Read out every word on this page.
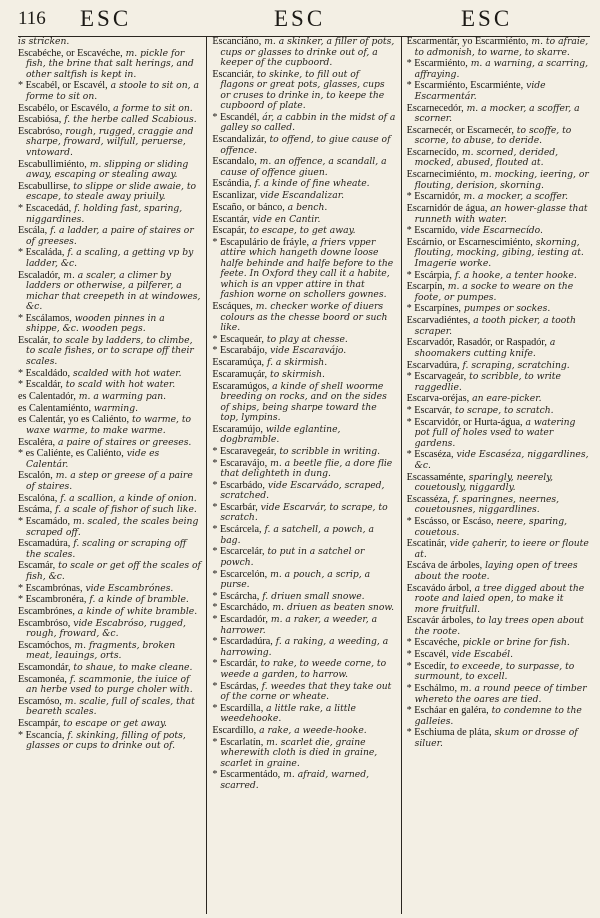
116 ESC	ESC	ESC

is stricken.

Escabéche, or Escavéche, m. pickle for fish, the brine that salt herings, and other saltfish is kept in.

* Escabél, or Escavél, a stoole to sit on, a forme to sit on.

Escabélo, or Escavélo, a forme to sit on.

Escabiósa, f. the herbe called Scabious.

Escabróso, rough, rugged, craggie and sharpe, froward, wilfull, peruerse, vntoward.

Escabullimiénto, m. slipping or sliding away, escaping or stealing away.

Escabullirse, to slippe or slide awaie, to escape, to steale away priuily.

* Escacedád, f. holding fast, sparing, niggardines.

Escála, f. a ladder, a paire of staires or of greeses.

* Escaláda, f. a scaling, a getting vp by ladder, &c.

Escaladór, m. a scaler, a climer by ladders or otherwise, a pilferer, a michar that creepeth in at windowes, &c.

* Escálamos, wooden pinnes in a shippe, &c. wooden pegs.

Escalár, to scale by ladders, to climbe, to scale fishes, or to scrape off their scales.

* Escaldádo, scalded with hot water.

* Escaldár, to scald with hot water.

es Calentadór, m. a warming pan.

es Calentamiénto, warming.

es Calentár, yo es Caliénto, to warme, to waxe warme, to make warme.

Escaléra, a paire of staires or greeses.

* es Caliénte, es Caliénto, vide es Calentár.

Escalón, m. a step or greese of a paire of staires.

Escalóna, f. a scallion, a kinde of onion.

Escáma, f. a scale of fishor of such like.

* Escamádo, m. scaled, the scales being scraped off.

Escamadúra, f. scaling or scraping off the scales.

Escamár, to scale or get off the scales of fish, &c.

* Escambrónas, vide Escambrónes.

* Escambronéra, f. a kinde of bramble.

Escambrónes, a kinde of white bramble.

Escambróso, vide Escabróso, rugged, rough, froward, &c.

Escamóchos, m. fragments, broken meat, leauings, orts.

Escamondár, to shaue, to make cleane.

Escamonéa, f. scammonie, the iuice of an herbe vsed to purge choler with.

Escamóso, m. scalie, full of scales, that beareth scales.

Escampár, to escape or get away.

* Escancía, f. skinking, filling of pots, glasses or cups to drinke out of.

Escanciáno, m. a skinker, a filler of pots, cups or glasses to drinke out of, a keeper of the cupboord.

Escanciár, to skinke, to fill out of flagons or great pots, glasses, cups or cruses to drinke in, to keepe the cupboord of plate.

* Escandél, ár, a cabbin in the midst of a galley so called.

Escandalizár, to offend, to giue cause of offence.

Escandalo, m. an offence, a scandall, a cause of offence giuen.

Escándia, f. a kinde of fine wheate.

Escanlizar, vide Escandalizar.

Escaño, or bánco, a bench.

Escantár, vide en Cantir.

Escapár, to escape, to get away.

* Escapulário de fráyle, a friers vpper attire which hangeth downe loose halfe behinde and halfe before to the feete. In Oxford they call it a habite, which is an vpper attire in that fashion worne on schollers gownes.

Escáques, m. checker worke of diuers colours as the chesse boord or such like.

* Escaqueár, to play at chesse.

* Escarabájo, vide Escaravájo.

Escaramúça, f. a skirmish.

Escaramuçár, to skirmish.

Escaramúgos, a kinde of shell woorme breeding on rocks, and on the sides of ships, being sharpe toward the top, lympins.

Escaramújo, wilde eglantine, dogbramble.

* Escaravegeár, to scribble in writing.

* Escaravájo, m. a beetle flie, a dore flie that delighteth in dung.

* Escarbádo, vide Escarvádo, scraped, scratched.

* Escarbár, vide Escarvár, to scrape, to scratch.

* Escárcela, f. a satchell, a powch, a bag.

* Escarcelár, to put in a satchel or powch.

* Escarcelón, m. a pouch, a scrip, a purse.

* Escárcha, f. driuen small snowe.

* Escarchádo, m. driuen as beaten snow.

* Escardadór, m. a raker, a weeder, a harrower.

* Escardadúra, f. a raking, a weeding, a harrowing.

* Escardár, to rake, to weede corne, to weede a garden, to harrow.

* Escárdas, f. weedes that they take out of the corne or wheate.

* Escardílla, a little rake, a little weedehooke.

Escardíllo, a rake, a weede-hooke.

* Escarlatín, m. scarlet die, graine wherewith cloth is died in graine, scarlet in graine.

* Escarmentádo, m. afraid, warned, scarred.

Escarmentár, yo Escarmiénto, m. to afraie, to admonish, to warne, to skarre.

* Escarmiénto, m. a warning, a scarring, affraying.

* Escarmiénto, Escarmiénte, vide Escarmentár.

Escarnecedór, m. a mocker, a scoffer, a scorner.

Escarnecér, or Escarnecér, to scoffe, to scorne, to abuse, to deride.

Escarnecído, m. scorned, derided, mocked, abused, flouted at.

Escarnecimiénto, m. mocking, ieering, or flouting, derision, skorning.

* Escarnidór, m. a mocker, a scoffer.

Escarnidór de água, an hower-glasse that runneth with water.

* Escarnído, vide Escarnecído.

Escárnio, or Escarnescimiénto, skorning, flouting, mocking, gibing, iesting at. Imagerie worke.

* Escárpia, f. a hooke, a tenter hooke.

Escarpín, m. a socke to weare on the foote, or pumpes.

* Escarpínes, pumpes or sockes.

Escarvadiéntes, a tooth picker, a tooth scraper.

Escarvadór, Rasadór, or Raspadór, a shoomakers cutting knife.

Escarvadúra, f. scraping, scratching.

* Escarvageár, to scribble, to write raggedlie.

Escarva-oréjas, an eare-picker.

* Escarvár, to scrape, to scratch.

* Escarvidór, or Hurta-água, a watering pot full of holes vsed to water gardens.

* Escaséza, vide Escaséza, niggardlines, &c.

Escassaménte, sparingly, neerely, couetously, niggardly.

Escasséza, f. sparingnes, neernes, couetousnes, niggardlines.

* Escásso, or Escáso, neere, sparing, couetous.

Escatinár, vide çaherir, to ieere or floute at.

Escáva de árboles, laying open of trees about the roote.

Escavádo árbol, a tree digged about the roote and laied open, to make it more fruitfull.

Escavár árboles, to lay trees open about the roote.

* Escavéche, pickle or brine for fish.

* Escavél, vide Escabél.

* Escedír, to exceede, to surpasse, to surmount, to excell.

* Eschálmo, m. a round peece of timber whereto the oares are tied.

* Escháar en galéra, to condemne to the galleies.

* Eschiuma de pláta, skum or drosse of siluer.
